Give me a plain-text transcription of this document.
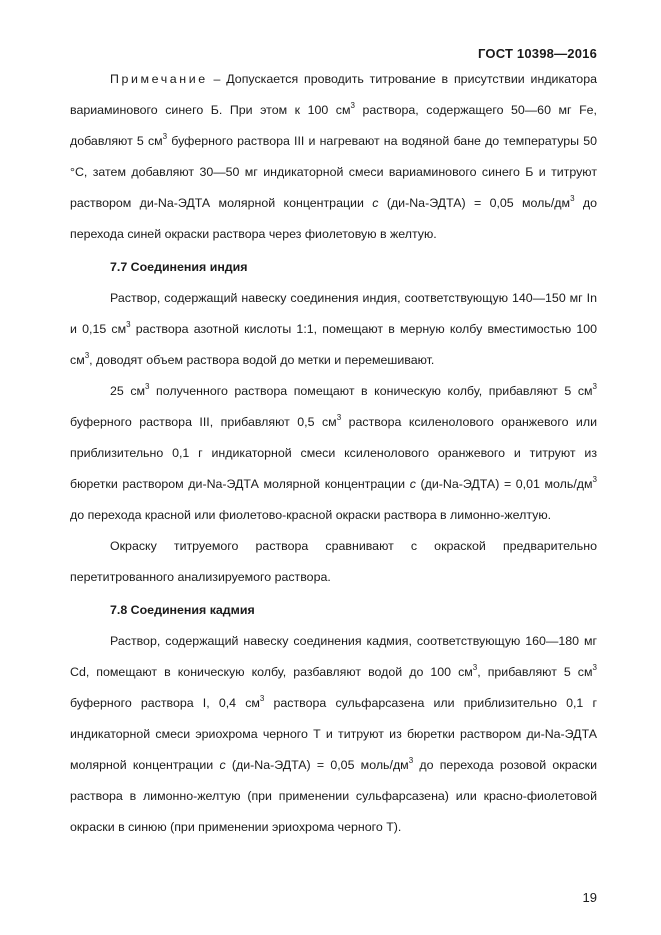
ГОСТ 10398—2016

Примечание – Допускается проводить титрование в присутствии индикатора вариаминового синего Б. При этом к 100 $см^3$ раствора, содержащего 50—60 мг Fe, добавляют 5 $см^3$ буферного раствора III и нагревают на водяной бане до температуры 50 °C, затем добавляют 30—50 мг индикаторной смеси вариаминового синего Б и титруют раствором ди-Na-ЭДТА молярной концентрации c (ди-Na-ЭДТА) = 0,05 моль/$дм^3$ до перехода синей окраски раствора через фиолетовую в желтую.

7.7 Соединения индия

Раствор, содержащий навеску соединения индия, соответствующую 140—150 мг In и 0,15 $см^3$ раствора азотной кислоты 1:1, помещают в мерную колбу вместимостью 100 $см^3$, доводят объем раствора водой до метки и перемешивают.

25 $см^3$ полученного раствора помещают в коническую колбу, прибавляют 5 $см^3$ буферного раствора III, прибавляют 0,5 $см^3$ раствора ксиленолового оранжевого или приблизительно 0,1 г индикаторной смеси ксиленолового оранжевого и титруют из бюретки раствором ди-Na-ЭДТА молярной концентрации c (ди-Na-ЭДТА) = 0,01 моль/$дм^3$ до перехода красной или фиолетово-красной окраски раствора в лимонно-желтую.

Окраску титруемого раствора сравнивают с окраской предварительно перетитрованного анализируемого раствора.

7.8 Соединения кадмия

Раствор, содержащий навеску соединения кадмия, соответствующую 160—180 мг Cd, помещают в коническую колбу, разбавляют водой до 100 $см^3$, прибавляют 5 $см^3$ буферного раствора I, 0,4 $см^3$ раствора сульфарсазена или приблизительно 0,1 г индикаторной смеси эриохрома черного Т и титруют из бюретки раствором ди-Na-ЭДТА молярной концентрации c (ди-Na-ЭДТА) = 0,05 моль/$дм^3$ до перехода розовой окраски раствора в лимонно-желтую (при применении сульфарсазена) или красно-фиолетовой окраски в синюю (при применении эриохрома черного Т).

19
